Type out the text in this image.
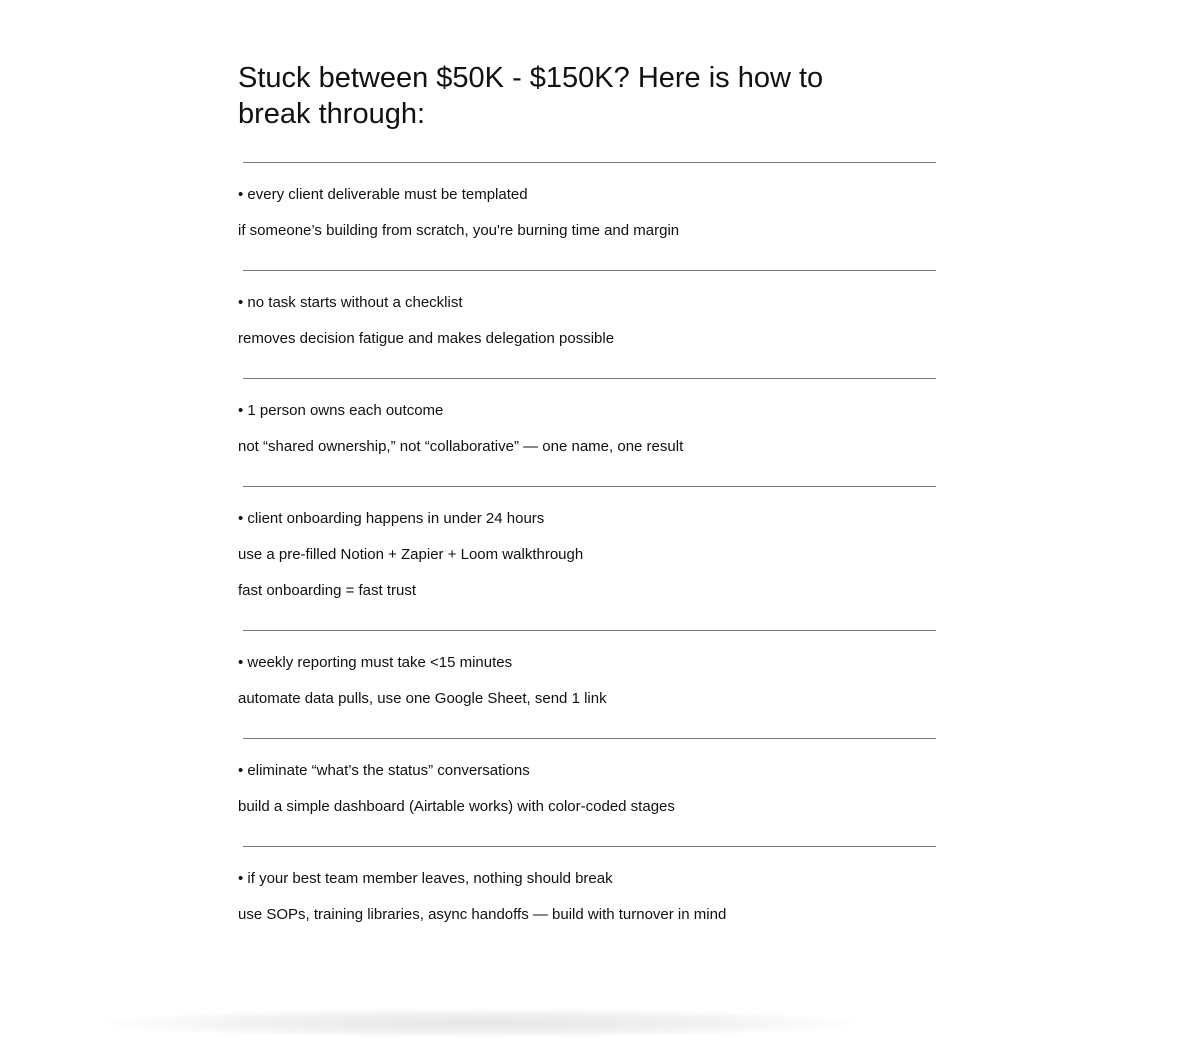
Stuck between $50K - $150K? Here is how to break through:

• every client deliverable must be templated

if someone’s building from scratch, you're burning time and margin

• no task starts without a checklist

removes decision fatigue and makes delegation possible

• 1 person owns each outcome

not “shared ownership,” not “collaborative” — one name, one result

• client onboarding happens in under 24 hours

use a pre-filled Notion + Zapier + Loom walkthrough

fast onboarding = fast trust

• weekly reporting must take <15 minutes

automate data pulls, use one Google Sheet, send 1 link

• eliminate “what’s the status” conversations

build a simple dashboard (Airtable works) with color-coded stages

• if your best team member leaves, nothing should break

use SOPs, training libraries, async handoffs — build with turnover in mind
